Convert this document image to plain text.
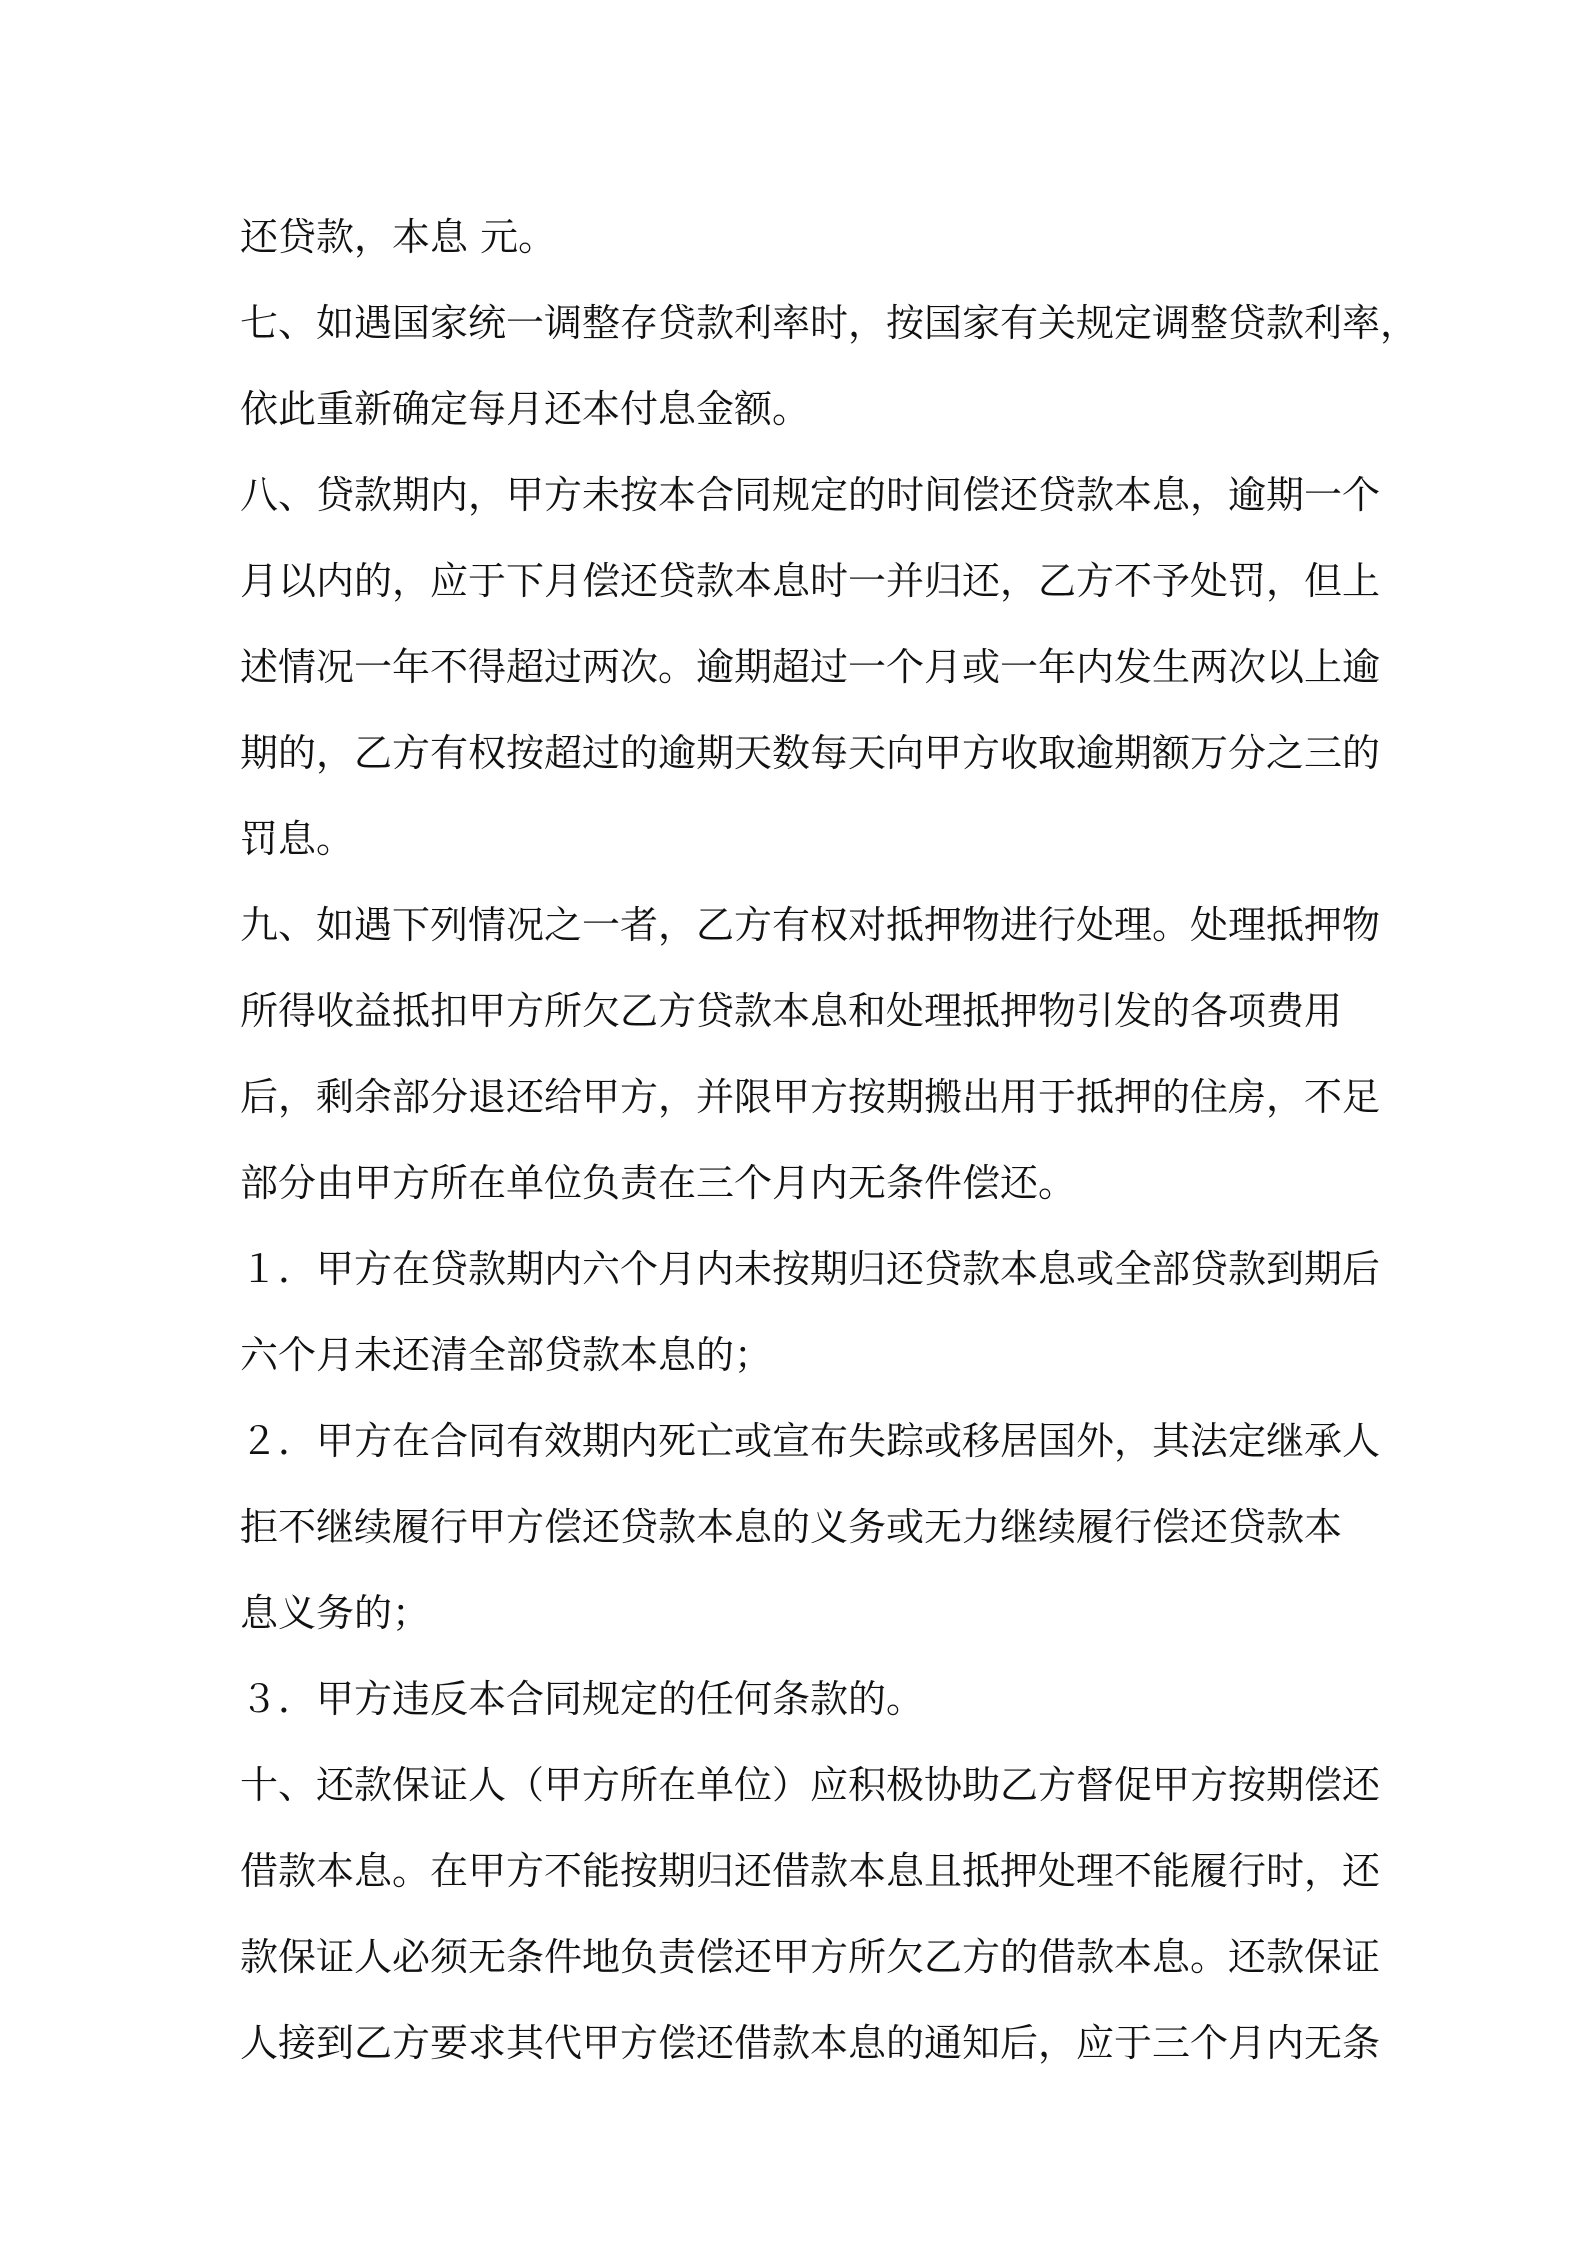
还贷款，本息 元。
七、如遇国家统一调整存贷款利率时，按国家有关规定调整贷款利率，
依此重新确定每月还本付息金额。
八、贷款期内，甲方未按本合同规定的时间偿还贷款本息，逾期一个
月以内的，应于下月偿还贷款本息时一并归还，乙方不予处罚，但上
述情况一年不得超过两次。逾期超过一个月或一年内发生两次以上逾
期的，乙方有权按超过的逾期天数每天向甲方收取逾期额万分之三的
罚息。
九、如遇下列情况之一者，乙方有权对抵押物进行处理。处理抵押物
所得收益抵扣甲方所欠乙方贷款本息和处理抵押物引发的各项费用
后，剩余部分退还给甲方，并限甲方按期搬出用于抵押的住房，不足
部分由甲方所在单位负责在三个月内无条件偿还。
１．甲方在贷款期内六个月内未按期归还贷款本息或全部贷款到期后
六个月未还清全部贷款本息的；
２．甲方在合同有效期内死亡或宣布失踪或移居国外，其法定继承人
拒不继续履行甲方偿还贷款本息的义务或无力继续履行偿还贷款本
息义务的；
３．甲方违反本合同规定的任何条款的。
十、还款保证人（甲方所在单位）应积极协助乙方督促甲方按期偿还
借款本息。在甲方不能按期归还借款本息且抵押处理不能履行时，还
款保证人必须无条件地负责偿还甲方所欠乙方的借款本息。还款保证
人接到乙方要求其代甲方偿还借款本息的通知后，应于三个月内无条
